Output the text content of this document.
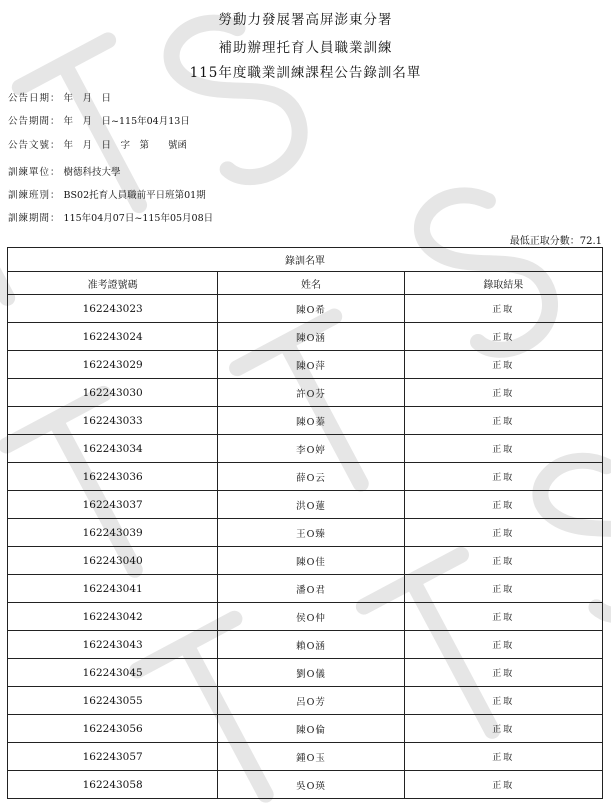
勞動力發展署高屏澎東分署
補助辦理托育人員職業訓練
115年度職業訓練課程公告錄訓名單
公告日期： 年　月　日
公告期間： 年　月　日~115年04月13日
公告文號： 年　月　日　字　第　　號函
訓練單位： 樹德科技大學
訓練班別： BS02托育人員職前平日班第01期
訓練期間： 115年04月07日~115年05月08日
最低正取分數：72.1
錄訓名單		
准考證號碼	姓名	錄取結果
162243023	陳O希	正取
162243024	陳O涵	正取
162243029	陳O萍	正取
162243030	許O芬	正取
162243033	陳O蓁	正取
162243034	李O婷	正取
162243036	薛O云	正取
162243037	洪O蓮	正取
162243039	王O臻	正取
162243040	陳O佳	正取
162243041	潘O君	正取
162243042	侯O仲	正取
162243043	賴O涵	正取
162243045	劉O儀	正取
162243055	呂O芳	正取
162243056	陳O倫	正取
162243057	鍾O玉	正取
162243058	吳O瑛	正取
